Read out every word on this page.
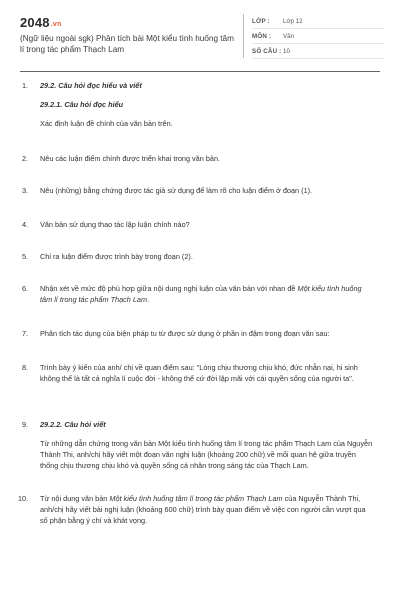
2048.vn
(Ngữ liệu ngoài sgk) Phân tích bài Một kiểu tình huống tâm lí trong tác phẩm Thạch Lam
LỚP :	Lớp 12
MÔN :	Văn
SỐ CÂU : 10
1.	29.2. Câu hỏi đọc hiểu và viết
29.2.1. Câu hỏi đọc hiểu
Xác định luận đề chính của văn bản trên.
2.	Nêu các luận điểm chính được triển khai trong văn bản.
3.	Nêu (những) bằng chứng được tác giả sử dụng để làm rõ cho luận điểm ở đoạn (1).
4.	Văn bản sử dụng thao tác lập luận chính nào?
5.	Chỉ ra luận điểm được trình bày trong đoạn (2).
6.	Nhận xét về mức độ phù hợp giữa nội dung nghị luận của văn bản với nhan đề Một kiểu tình huống tâm lí trong tác phẩm Thạch Lam.
7.	Phân tích tác dụng của biện pháp tu từ được sử dụng ở phần in đậm trong đoạn văn sau:
8.	Trình bày ý kiến của anh/ chị về quan điểm sau: "Lòng chịu thương chịu khó, đức nhẫn nại, hi sinh không thể là tất cả nghĩa lí cuộc đời - không thể cứ đời lặp mãi với cái quyền sống của người ta".
9.	29.2.2. Câu hỏi viết
Từ những dẫn chứng trong văn bản Một kiểu tình huống tâm lí trong tác phẩm Thạch Lam của Nguyễn Thành Thi, anh/chị hãy viết một đoạn văn nghị luận (khoảng 200 chữ) về mối quan hệ giữa truyền thống chịu thương chịu khó và quyền sống cá nhân trong sáng tác của Thạch Lam.
10.	Từ nội dung văn bản Một kiểu tình huống tâm lí trong tác phẩm Thạch Lam của Nguyễn Thành Thi, anh/chị hãy viết bài nghị luận (khoảng 600 chữ) trình bày quan điểm về việc con người cần vượt qua số phận bằng ý chí và khát vọng.
